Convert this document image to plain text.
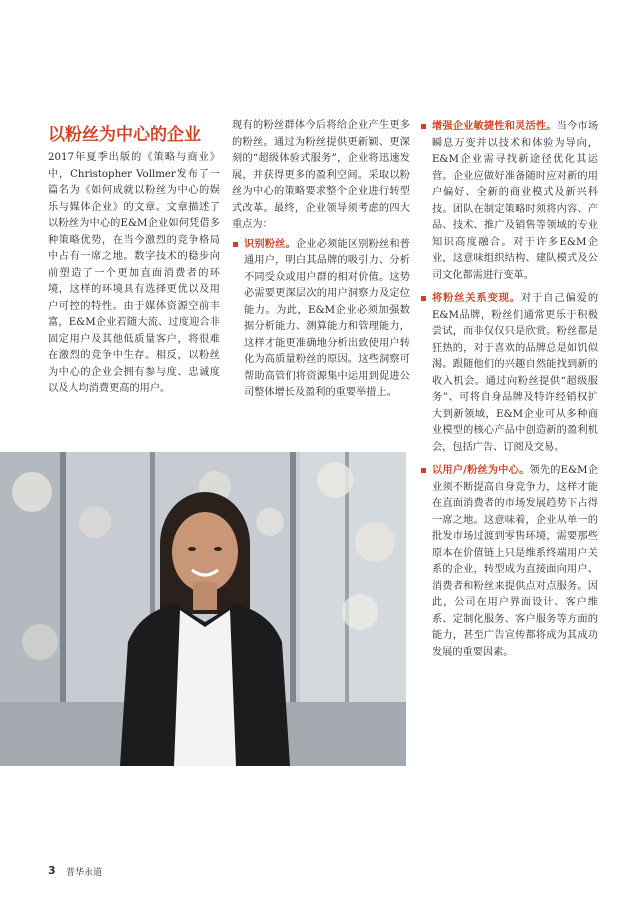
以粉丝为中心的企业

2017年夏季出版的《策略与商业》中，Christopher Vollmer发布了一篇名为《如何成就以粉丝为中心的娱乐与媒体企业》的文章。文章描述了以粉丝为中心的E&M企业如何凭借多种策略优势，在当今激烈的竞争格局中占有一席之地。数字技术的稳步向前塑造了一个更加直面消费者的环境，这样的环境具有选择更优以及用户可控的特性。由于媒体资源空前丰富，E&M企业若随大流、过度迎合非固定用户及其他低质量客户，将很难在激烈的竞争中生存。相反，以粉丝为中心的企业会拥有参与度、忠诚度以及人均消费更高的用户。

现有的粉丝群体今后将给企业产生更多的粉丝。通过为粉丝提供更新颖、更深刻的“超级体验式服务”，企业将迅速发展，并获得更多的盈利空间。采取以粉丝为中心的策略要求整个企业进行转型式改革。最终，企业领导须考虑的四大重点为：

识别粉丝。企业必须能区别粉丝和普通用户，明白其品牌的吸引力、分析不同受众或用户群的相对价值。这势必需要更深层次的用户洞察力及定位能力。为此，E&M企业必须加强数据分析能力、测算能力和管理能力，这样才能更准确地分析出致使用户转化为高质量粉丝的原因。这些洞察可帮助高管们将资源集中运用到促进公司整体增长及盈利的重要举措上。
增强企业敏捷性和灵活性。当今市场瞬息万变并以技术和体验为导向，E&M企业需寻找新途径优化其运营。企业应做好准备随时应对新的用户偏好、全新的商业模式及新兴科技。团队在制定策略时须将内容、产品、技术、推广及销售等领域的专业知识高度融合。对于许多E&M企业，这意味组织结构、建队模式及公司文化都需进行变革。
将粉丝关系变现。对于自己偏爱的E&M品牌，粉丝们通常更乐于积极尝试，而非仅仅只是欣赏。粉丝都是狂热的，对于喜欢的品牌总是如饥似渴。跟随他们的兴趣自然能找到新的收入机会。通过向粉丝提供“超级服务”、可将自身品牌及特许经销权扩大到新领域，E&M企业可从多种商业模型的核心产品中创造新的盈利机会，包括广告、订阅及交易。
以用户/粉丝为中心。领先的E&M企业须不断提高自身竞争力，这样才能在直面消费者的市场发展趋势下占得一席之地。这意味着，企业从单一的批发市场过渡到零售环境，需要那些原本在价值链上只是维系终端用户关系的企业，转型成为直接面向用户、消费者和粉丝来提供点对点服务。因此，公司在用户界面设计、客户维系、定制化服务、客户服务等方面的能力，甚至广告宣传都将成为其成功发展的重要因素。
3 普华永道
